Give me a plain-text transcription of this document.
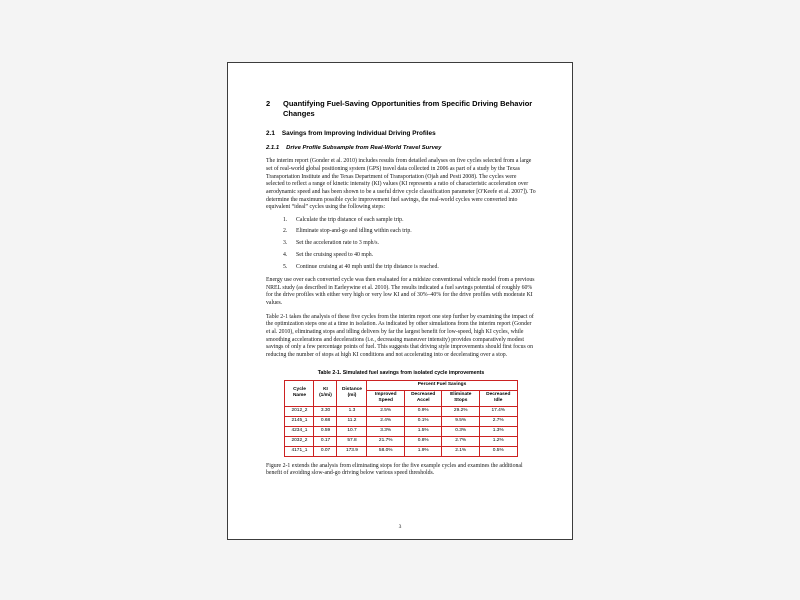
2	Quantifying Fuel-Saving Opportunities from Specific Driving Behavior Changes
2.1 Savings from Improving Individual Driving Profiles
2.1.1 Drive Profile Subsample from Real-World Travel Survey

The interim report (Gonder et al. 2010) includes results from detailed analyses on five cycles selected from a large set of real-world global positioning system (GPS) travel data collected in 2006 as part of a study by the Texas Transportation Institute and the Texas Department of Transportation (Ojah and Pesti 2008). The cycles were selected to reflect a range of kinetic intensity (KI) values (KI represents a ratio of characteristic acceleration over aerodynamic speed and has been shown to be a useful drive cycle classification parameter [O'Keefe et al. 2007]). To determine the maximum possible cycle improvement fuel savings, the real-world cycles were converted into equivalent “ideal” cycles using the following steps:

1.	Calculate the trip distance of each sample trip.
2.	Eliminate stop-and-go and idling within each trip.
3.	Set the acceleration rate to 3 mph/s.
4.	Set the cruising speed to 40 mph.
5.	Continue cruising at 40 mph until the trip distance is reached.

Energy use over each converted cycle was then evaluated for a midsize conventional vehicle model from a previous NREL study (as described in Earleywine et al. 2010). The results indicated a fuel savings potential of roughly 60% for the drive profiles with either very high or very low KI and of 30%–40% for the drive profiles with moderate KI values.

Table 2-1 takes the analysis of these five cycles from the interim report one step further by examining the impact of the optimization steps one at a time in isolation. As indicated by other simulations from the interim report (Gonder et al. 2010), eliminating stops and idling delivers by far the largest benefit for low-speed, high KI cycles, while smoothing accelerations and decelerations (i.e., decreasing maneuver intensity) provides comparatively modest savings of only a few percentage points of fuel. This suggests that driving style improvements should first focus on reducing the number of stops at high KI conditions and not accelerating into or decelerating over a stop.

Table 2-1. Simulated fuel savings from isolated cycle improvements
Cycle Name	KI (1/mi)	Distance (mi)	Percent Fuel Savings			
			Improved Speed	Decreased Accel	Eliminate Stops	Decreased Idle
2012_2	3.30	1.3	2.5%	0.9%	29.2%	17.4%
2145_1	0.68	11.2	2.4%	0.1%	9.5%	2.7%
4234_1	0.59	10.7	3.3%	1.5%	0.3%	1.3%
2032_2	0.17	57.8	21.7%	0.8%	2.7%	1.2%
4171_1	0.07	173.9	58.0%	1.9%	2.1%	0.5%

Figure 2-1 extends the analysis from eliminating stops for the five example cycles and examines the additional benefit of avoiding slow-and-go driving below various speed thresholds.

3
